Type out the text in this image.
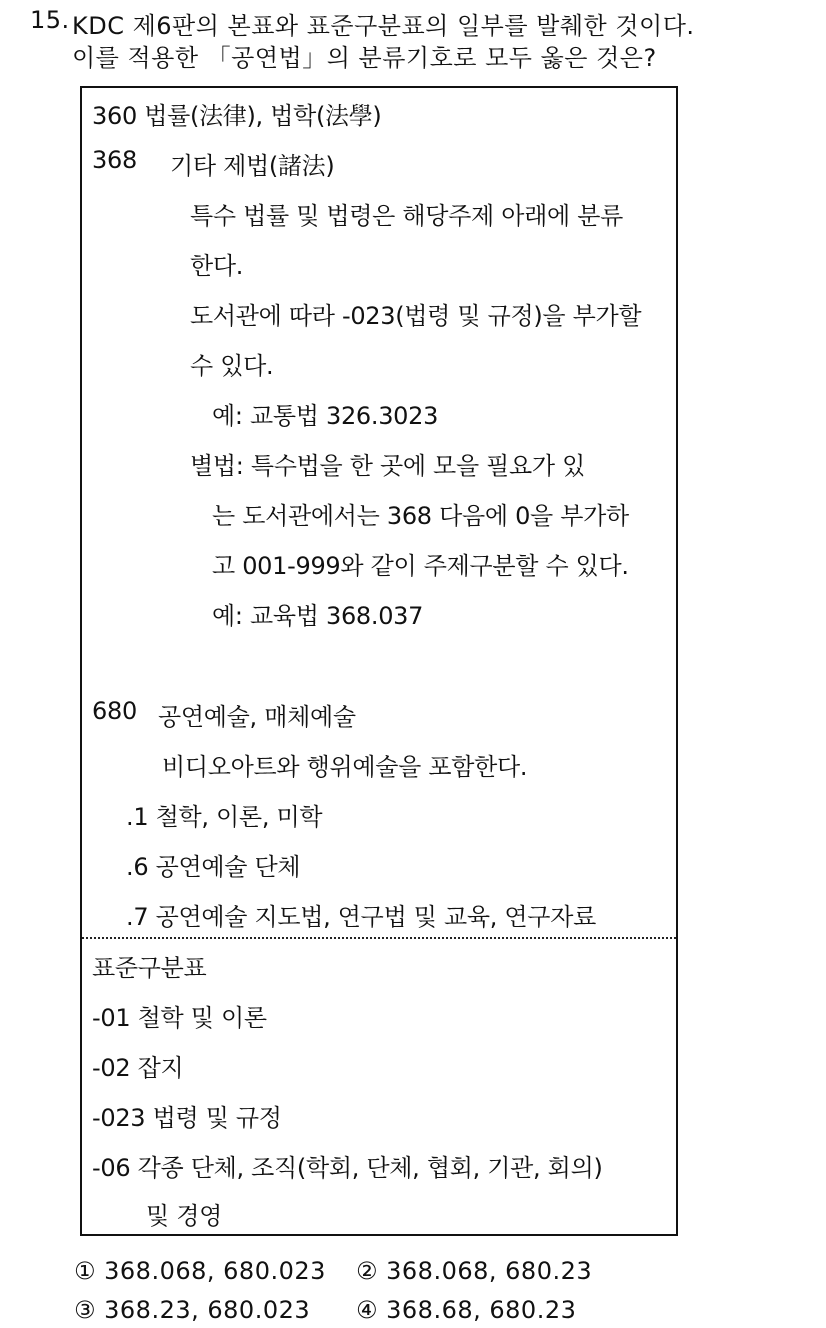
15. KDC 제6판의 본표와 표준구분표의 일부를 발췌한 것이다.
이를 적용한 「공연법」의 분류기호로 모두 옳은 것은?
360 법률(法律), 법학(法學)
368 기타 제법(諸法)
특수 법률 및 법령은 해당주제 아래에 분류
한다.
도서관에 따라 -023(법령 및 규정)을 부가할
수 있다.
예: 교통법 326.3023
별법: 특수법을 한 곳에 모을 필요가 있
는 도서관에서는 368 다음에 0을 부가하
고 001-999와 같이 주제구분할 수 있다.
예: 교육법 368.037
680 공연예술, 매체예술
비디오아트와 행위예술을 포함한다.
.1 철학, 이론, 미학
.6 공연예술 단체
.7 공연예술 지도법, 연구법 및 교육, 연구자료
표준구분표
-01 철학 및 이론
-02 잡지
-023 법령 및 규정
-06 각종 단체, 조직(학회, 단체, 협회, 기관, 회의)
및 경영
① 368.068, 680.023 ② 368.068, 680.23
③ 368.23, 680.023 ④ 368.68, 680.23
